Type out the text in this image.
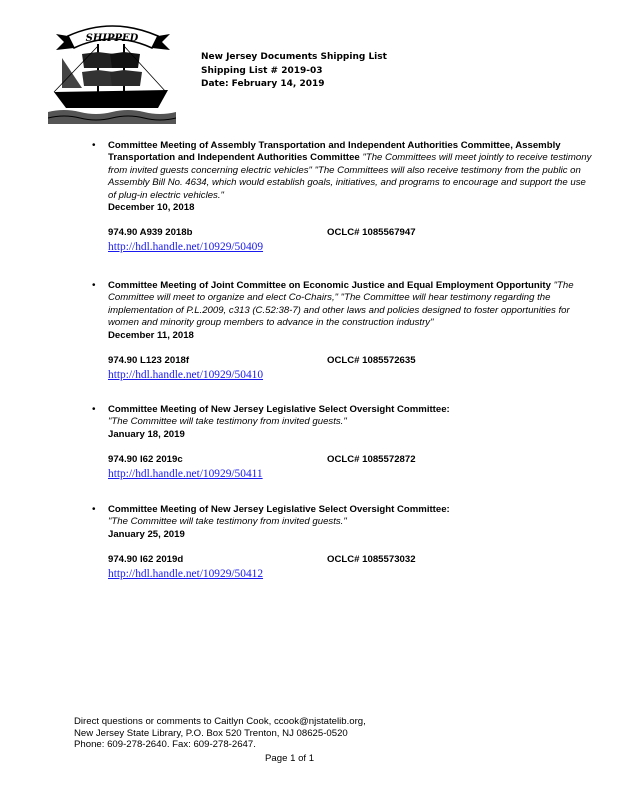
SHIPPED
New Jersey Documents Shipping List
Shipping List # 2019-03
Date: February 14, 2019
• Committee Meeting of Assembly Transportation and Independent Authorities Committee, Assembly Transportation and Independent Authorities Committee "The Committees will meet jointly to receive testimony from invited guests concerning electric vehicles" "The Committees will also receive testimony from the public on Assembly Bill No. 4634, which would establish goals, initiatives, and programs to encourage and support the use of plug-in electric vehicles."
December 10, 2018
974.90 A939 2018b	OCLC# 1085567947
http://hdl.handle.net/10929/50409
• Committee Meeting of Joint Committee on Economic Justice and Equal Employment Opportunity "The Committee will meet to organize and elect Co-Chairs," "The Committee will hear testimony regarding the implementation of P.L.2009, c313 (C.52:38-7) and other laws and policies designed to foster opportunities for women and minority group members to advance in the construction industry"
December 11, 2018
974.90 L123 2018f	OCLC# 1085572635
http://hdl.handle.net/10929/50410
• Committee Meeting of New Jersey Legislative Select Oversight Committee:
"The Committee will take testimony from invited guests."
January 18, 2019
974.90 I62 2019c	OCLC# 1085572872
http://hdl.handle.net/10929/50411
• Committee Meeting of New Jersey Legislative Select Oversight Committee:
"The Committee will take testimony from invited guests."
January 25, 2019
974.90 I62 2019d	OCLC# 1085573032
http://hdl.handle.net/10929/50412
Direct questions or comments to Caitlyn Cook, ccook@njstatelib.org,
New Jersey State Library, P.O. Box 520 Trenton, NJ 08625-0520
Phone: 609-278-2640. Fax: 609-278-2647.
Page 1 of 1
